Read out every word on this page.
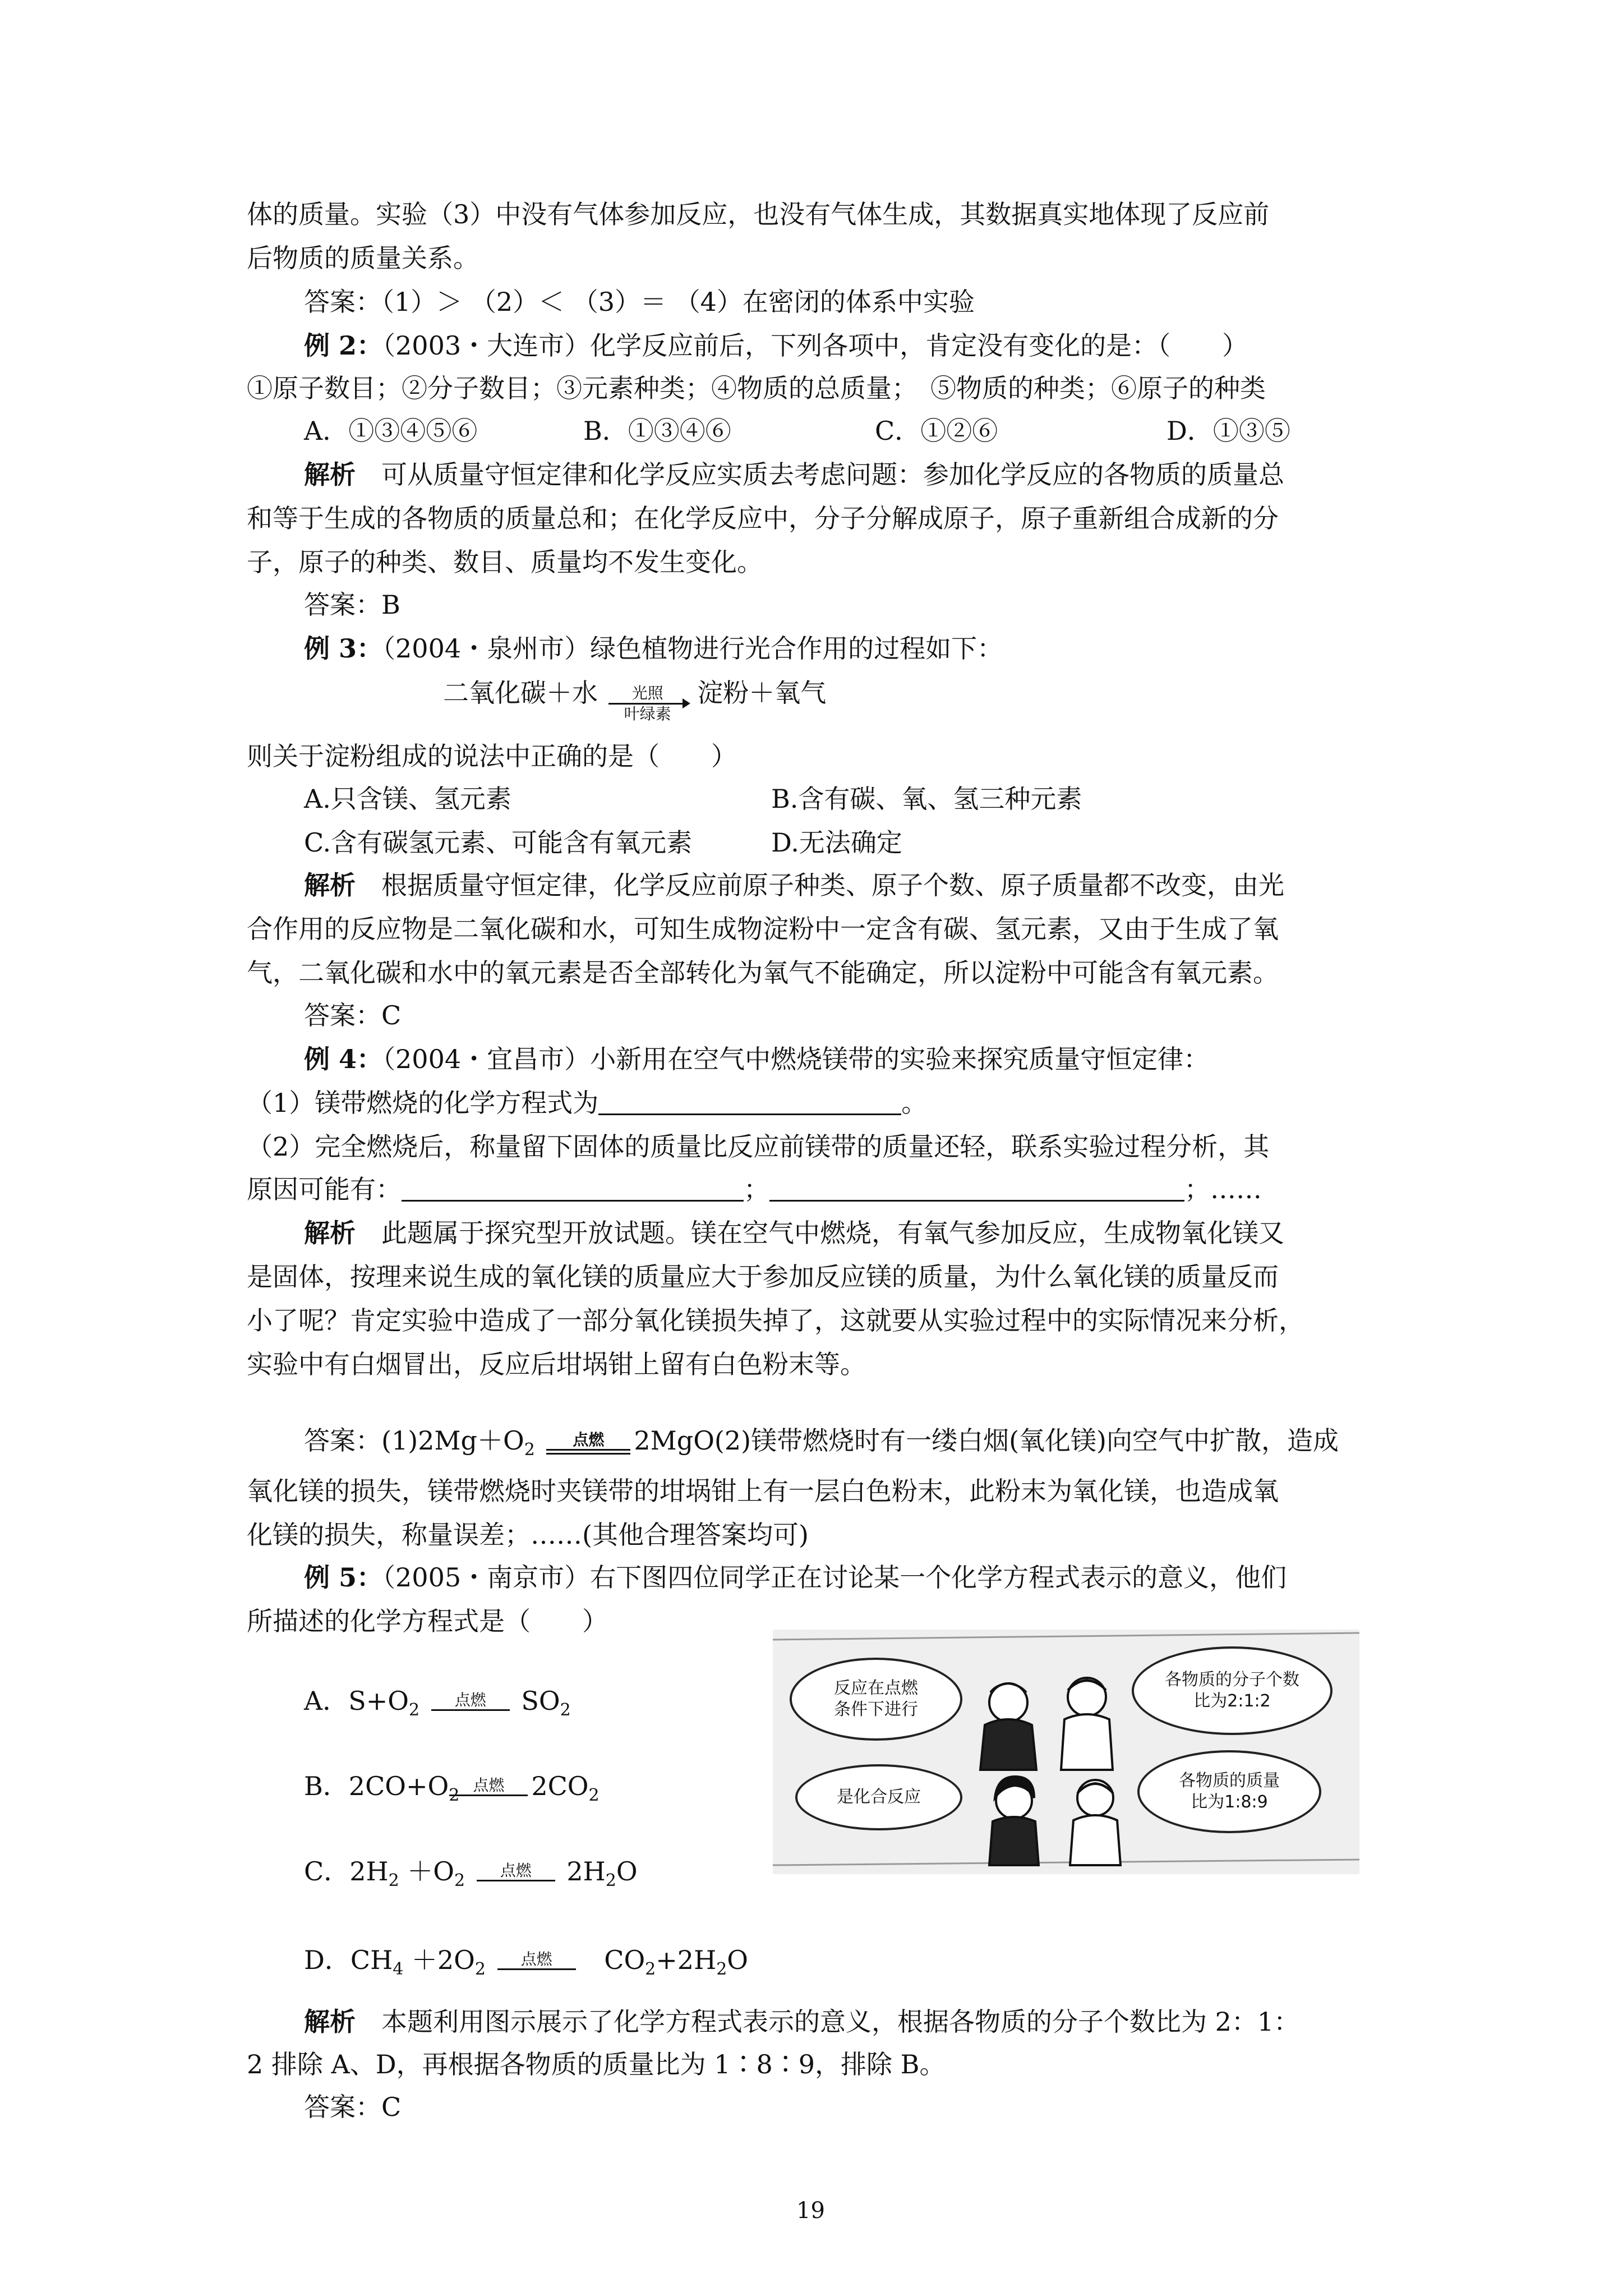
体的质量。实验（3）中没有气体参加反应，也没有气体生成，其数据真实地体现了反应前
后物质的质量关系。
答案：（1）＞ （2）＜ （3）＝ （4）在密闭的体系中实验
例 2：（2003・大连市）化学反应前后，下列各项中，肯定没有变化的是：（　　）
①原子数目；②分子数目；③元素种类；④物质的总质量；　⑤物质的种类；⑥原子的种类
A．①③④⑤⑥	B．①③④⑥	C．①②⑥	D．①③⑤
解析　可从质量守恒定律和化学反应实质去考虑问题：参加化学反应的各物质的质量总
和等于生成的各物质的质量总和；在化学反应中，分子分解成原子，原子重新组合成新的分
子，原子的种类、数目、质量均不发生变化。
答案：B
例 3：（2004・泉州市）绿色植物进行光合作用的过程如下：
二氧化碳＋水 光照
叶绿素
淀粉＋氧气
则关于淀粉组成的说法中正确的是（　　）
A.只含镁、氢元素	B.含有碳、氧、氢三种元素
C.含有碳氢元素、可能含有氧元素	D.无法确定
解析　根据质量守恒定律，化学反应前原子种类、原子个数、原子质量都不改变，由光
合作用的反应物是二氧化碳和水，可知生成物淀粉中一定含有碳、氢元素，又由于生成了氧
气，二氧化碳和水中的氧元素是否全部转化为氧气不能确定，所以淀粉中可能含有氧元素。
答案：C
例 4：（2004・宜昌市）小新用在空气中燃烧镁带的实验来探究质量守恒定律：
（1）镁带燃烧的化学方程式为	。
（2）完全燃烧后，称量留下固体的质量比反应前镁带的质量还轻，联系实验过程分析，其
原因可能有：	；	；……
解析　此题属于探究型开放试题。镁在空气中燃烧，有氧气参加反应，生成物氧化镁又
是固体，按理来说生成的氧化镁的质量应大于参加反应镁的质量，为什么氧化镁的质量反而
小了呢？肯定实验中造成了一部分氧化镁损失掉了，这就要从实验过程中的实际情况来分析，
实验中有白烟冒出，反应后坩埚钳上留有白色粉末等。
答案：$(1)2Mg+O_2$
点燃 2MgO(2)镁带燃烧时有一缕白烟(氧化镁)向空气中扩散，造成
氧化镁的损失，镁带燃烧时夹镁带的坩埚钳上有一层白色粉末，此粉末为氧化镁，也造成氧
化镁的损失，称量误差；……(其他合理答案均可)
例 5：（2005・南京市）右下图四位同学正在讨论某一个化学方程式表示的意义，他们
所描述的化学方程式是（　　）
A．$S+O_2$
点燃 $SO_2$
B．$2CO+O_2$
点燃 $2CO_2$
C．$2H_2 +O_2$
点燃 $2H_2O$
D．$CH_4 +2O_2$
点燃 $CO_2+2H_2O$
反应在点燃
条件下进行
各物质的分子个数
比为2:1:2
是化合反应
各物质的质量
比为1:8:9
解析　本题利用图示展示了化学方程式表示的意义，根据各物质的分子个数比为 2：1：
2 排除 A、D，再根据各物质的质量比为 1∶8∶9，排除 B。
答案：C
19
